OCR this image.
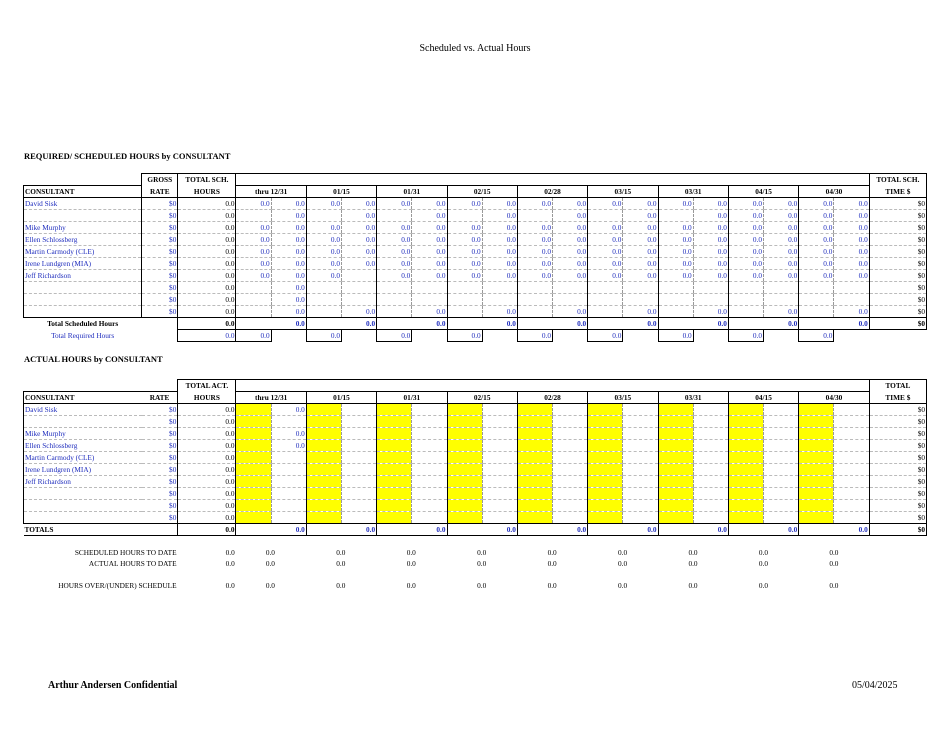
Scheduled vs. Actual Hours
REQUIRED/ SCHEDULED HOURS by CONSULTANT
	GROSS	TOTAL SCH.																			TOTAL SCH.
CONSULTANT	RATE	HOURS	thru 12/31		01/15		01/31		02/15		02/28		03/15		03/31		04/15		04/30		TIME $
David Sisk	$0	0.0	0.0	0.0	0.0	0.0	0.0	0.0	0.0	0.0	0.0	0.0	0.0	0.0	0.0	0.0	0.0	0.0	0.0	0.0	$0
	$0	0.0		0.0		0.0		0.0		0.0		0.0		0.0		0.0	0.0	0.0	0.0	0.0	$0
Mike Murphy	$0	0.0	0.0	0.0	0.0	0.0	0.0	0.0	0.0	0.0	0.0	0.0	0.0	0.0	0.0	0.0	0.0	0.0	0.0	0.0	$0
Ellen Schlossberg	$0	0.0	0.0	0.0	0.0	0.0	0.0	0.0	0.0	0.0	0.0	0.0	0.0	0.0	0.0	0.0	0.0	0.0	0.0	0.0	$0
Martin Carmody (CLE)	$0	0.0	0.0	0.0	0.0	0.0	0.0	0.0	0.0	0.0	0.0	0.0	0.0	0.0	0.0	0.0	0.0	0.0	0.0	0.0	$0
Irene Lundgren (MIA)	$0	0.0	0.0	0.0	0.0	0.0	0.0	0.0	0.0	0.0	0.0	0.0	0.0	0.0	0.0	0.0	0.0	0.0	0.0	0.0	$0
Jeff Richardson	$0	0.0	0.0	0.0	0.0		0.0	0.0	0.0	0.0	0.0	0.0	0.0	0.0	0.0	0.0	0.0	0.0	0.0	0.0	$0
	$0	0.0		0.0																	$0
	$0	0.0		0.0																	$0
	$0	0.0		0.0		0.0		0.0		0.0		0.0		0.0		0.0		0.0		0.0	$0
Total Scheduled Hours		0.0		0.0		0.0		0.0		0.0		0.0		0.0		0.0		0.0		0.0	$0
Total Required Hours		0.0	0.0		0.0		0.0		0.0		0.0		0.0		0.0		0.0		0.0		
ACTUAL HOURS by CONSULTANT
		TOTAL ACT.																			TOTAL
CONSULTANT	RATE	HOURS	thru 12/31		01/15		01/31		02/15		02/28		03/15		03/31		04/15		04/30		TIME $
David Sisk	$0	0.0		0.0																	$0
	$0	0.0																			$0
Mike Murphy	$0	0.0		0.0																	$0
Ellen Schlossberg	$0	0.0		0.0																	$0
Martin Carmody (CLE)	$0	0.0																			$0
Irene Lundgren (MIA)	$0	0.0																			$0
Jeff Richardson	$0	0.0																			$0
	$0	0.0																			$0
	$0	0.0																			$0
	$0	0.0																			$0
TOTALS		0.0		0.0		0.0		0.0		0.0		0.0		0.0		0.0		0.0		0.0	$0
SCHEDULED HOURS TO DATE	0.0	0.0		0.0		0.0		0.0		0.0		0.0		0.0		0.0		0.0		
ACTUAL HOURS TO DATE	0.0	0.0		0.0		0.0		0.0		0.0		0.0		0.0		0.0		0.0		

HOURS OVER/(UNDER) SCHEDULE	0.0	0.0		0.0		0.0		0.0		0.0		0.0		0.0		0.0		0.0		
Arthur Andersen Confidential	05/04/2025
